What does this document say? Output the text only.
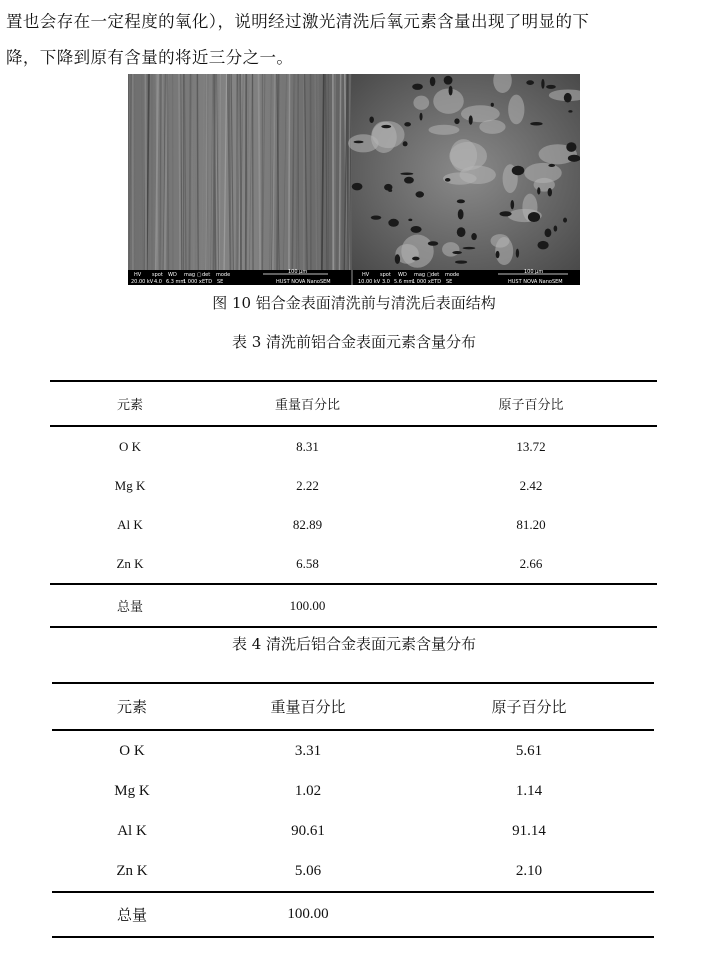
置也会存在一定程度的氧化），说明经过激光清洗后氧元素含量出现了明显的下
降，下降到原有含量的将近三分之一。
HV
20.00 kV
spot
4.0
WD
6.3 mm
mag ▢
1 000 x
det
ETD
mode
SE
100 μm
HUST NOVA NanoSEM
HV
10.00 kV
spot
3.0
WD
5.6 mm
mag ▢
1 000 x
det
ETD
mode
SE
100 μm
HUST NOVA NanoSEM
图 10 铝合金表面清洗前与清洗后表面结构
表 3 清洗前铝合金表面元素含量分布
元素	重量百分比	原子百分比
O K	8.31	13.72
Mg K	2.22	2.42
Al K	82.89	81.20
Zn K	6.58	2.66
总量	100.00	
表 4 清洗后铝合金表面元素含量分布
元素	重量百分比	原子百分比
O K	3.31	5.61
Mg K	1.02	1.14
Al K	90.61	91.14
Zn K	5.06	2.10
总量	100.00	
